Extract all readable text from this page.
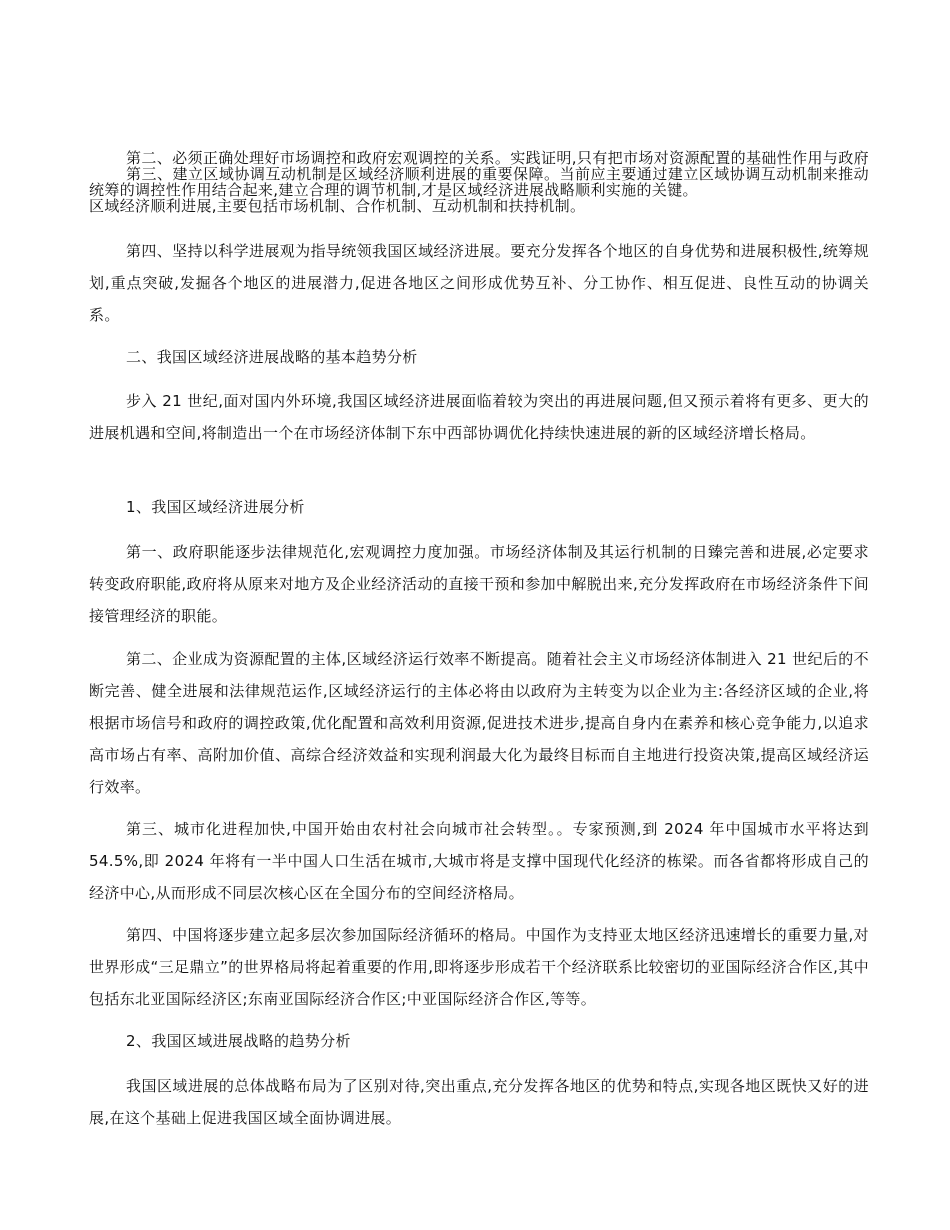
第二、必须正确处理好市场调控和政府宏观调控的关系。实践证明,只有把市场对资源配置的基础性作用与政府统筹的调控性作用结合起来,建立合理的调节机制,才是区域经济进展战略顺利实施的关键。

第三、建立区域协调互动机制是区域经济顺利进展的重要保障。当前应主要通过建立区域协调互动机制来推动区域经济顺利进展,主要包括市场机制、合作机制、互动机制和扶持机制。

第四、坚持以科学进展观为指导统领我国区域经济进展。要充分发挥各个地区的自身优势和进展积极性,统筹规划,重点突破,发掘各个地区的进展潜力,促进各地区之间形成优势互补、分工协作、相互促进、良性互动的协调关系。

二、我国区域经济进展战略的基本趋势分析

步入 21 世纪,面对国内外环境,我国区域经济进展面临着较为突出的再进展问题,但又预示着将有更多、更大的进展机遇和空间,将制造出一个在市场经济体制下东中西部协调优化持续快速进展的新的区域经济增长格局。

1、我国区域经济进展分析

第一、政府职能逐步法律规范化,宏观调控力度加强。市场经济体制及其运行机制的日臻完善和进展,必定要求转变政府职能,政府将从原来对地方及企业经济活动的直接干预和参加中解脱出来,充分发挥政府在市场经济条件下间接管理经济的职能。

第二、企业成为资源配置的主体,区域经济运行效率不断提高。随着社会主义市场经济体制进入 21 世纪后的不断完善、健全进展和法律规范运作,区域经济运行的主体必将由以政府为主转变为以企业为主:各经济区域的企业,将根据市场信号和政府的调控政策,优化配置和高效利用资源,促进技术进步,提高自身内在素养和核心竞争能力,以追求高市场占有率、高附加价值、高综合经济效益和实现利润最大化为最终目标而自主地进行投资决策,提高区域经济运行效率。

第三、城市化进程加快,中国开始由农村社会向城市社会转型。。专家预测,到 2024 年中国城市水平将达到 54.5%,即 2024 年将有一半中国人口生活在城市,大城市将是支撑中国现代化经济的栋梁。而各省都将形成自己的经济中心,从而形成不同层次核心区在全国分布的空间经济格局。

第四、中国将逐步建立起多层次参加国际经济循环的格局。中国作为支持亚太地区经济迅速增长的重要力量,对世界形成“三足鼎立”的世界格局将起着重要的作用,即将逐步形成若干个经济联系比较密切的亚国际经济合作区,其中包括东北亚国际经济区;东南亚国际经济合作区;中亚国际经济合作区,等等。

2、我国区域进展战略的趋势分析

我国区域进展的总体战略布局为了区别对待,突出重点,充分发挥各地区的优势和特点,实现各地区既快又好的进展,在这个基础上促进我国区域全面协调进展。
